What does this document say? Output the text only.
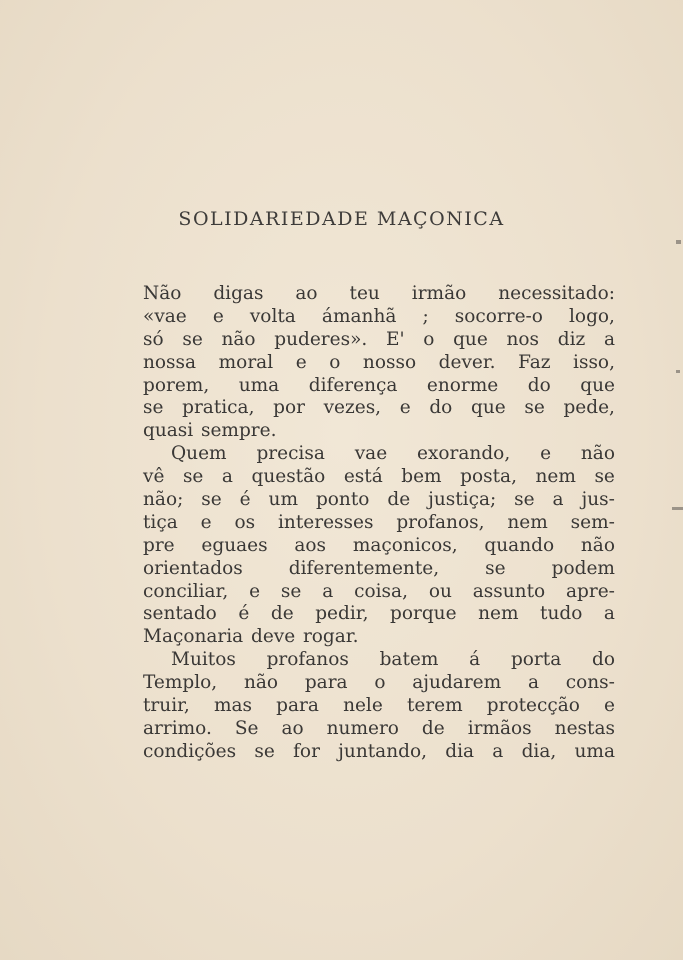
SOLIDARIEDADE MAÇONICA
Não digas ao teu irmão necessitado:
«vae e volta ámanhã ; socorre-o logo,
só se não puderes». E' o que nos diz a
nossa moral e o nosso dever. Faz isso,
porem, uma diferença enorme do que
se pratica, por vezes, e do que se pede,
quasi sempre.
Quem precisa vae exorando, e não
vê se a questão está bem posta, nem se
não; se é um ponto de justiça; se a jus-
tiça e os interesses profanos, nem sem-
pre eguaes aos maçonicos, quando não
orientados diferentemente, se podem
conciliar, e se a coisa, ou assunto apre-
sentado é de pedir, porque nem tudo a
Maçonaria deve rogar.
Muitos profanos batem á porta do
Templo, não para o ajudarem a cons-
truir, mas para nele terem protecção e
arrimo. Se ao numero de irmãos nestas
condições se for juntando, dia a dia, uma
